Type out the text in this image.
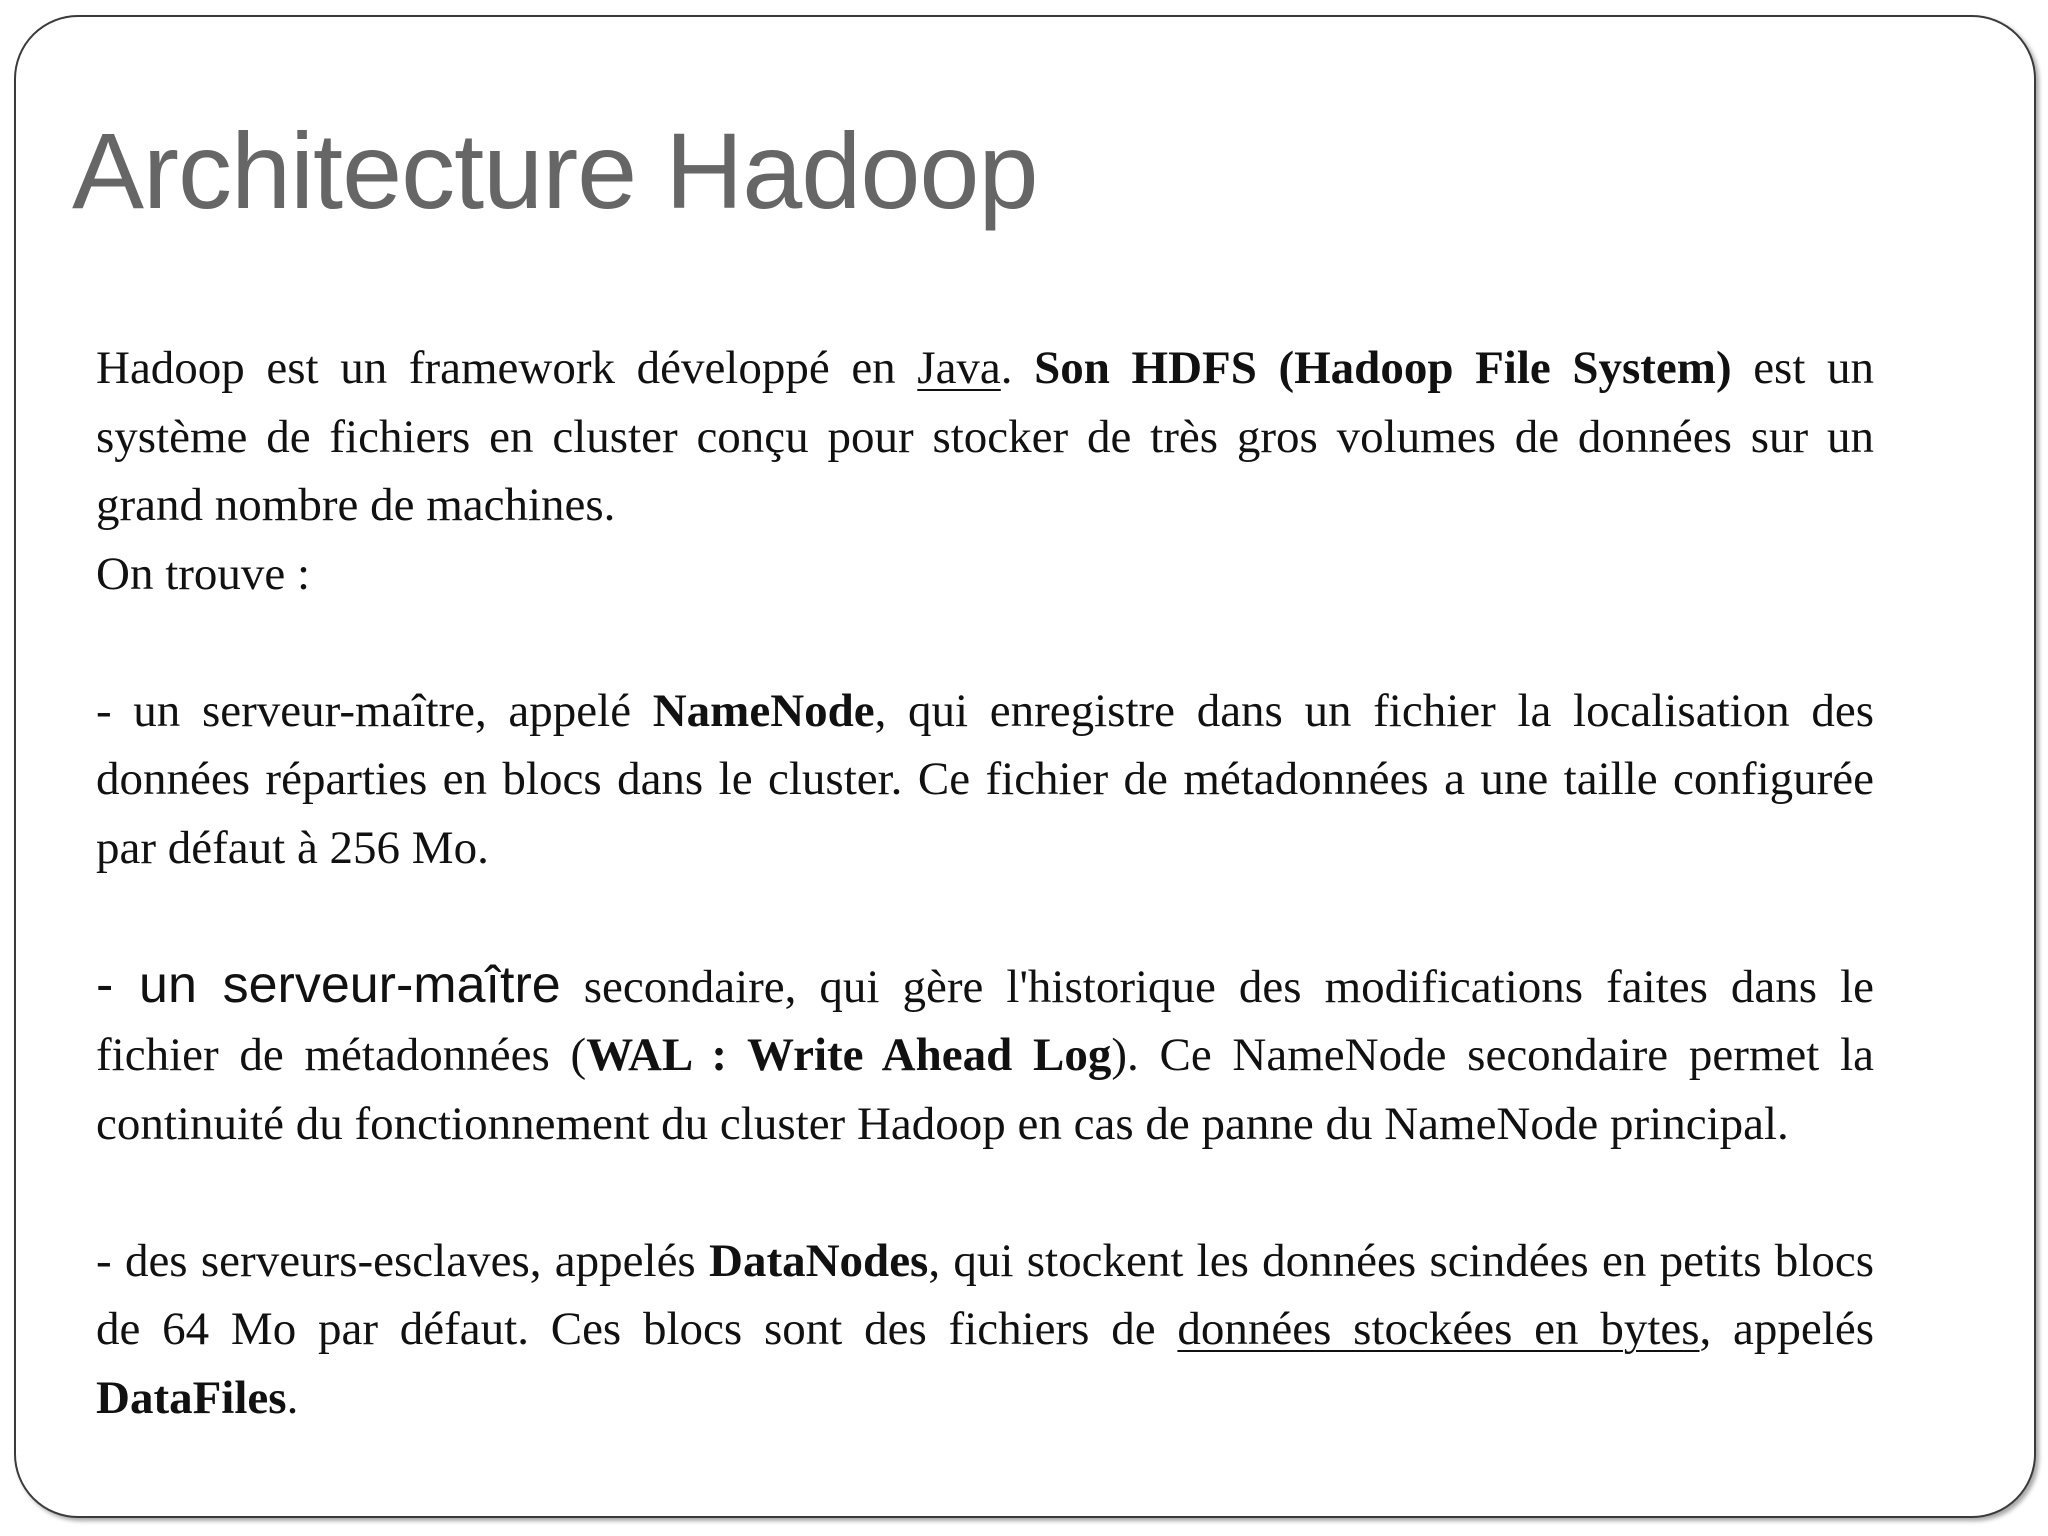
Architecture Hadoop

Hadoop est un framework développé en Java. Son HDFS (Hadoop File System) est un système de fichiers en cluster conçu pour stocker de très gros volumes de données sur un grand nombre de machines.

On trouve :

- un serveur-maître, appelé NameNode, qui enregistre dans un fichier la localisation des données réparties en blocs dans le cluster. Ce fichier de métadonnées a une taille configurée par défaut à 256 Mo.

- un serveur-maître secondaire, qui gère l'historique des modifications faites dans le fichier de métadonnées (WAL : Write Ahead Log). Ce NameNode secondaire permet la continuité du fonctionnement du cluster Hadoop en cas de panne du NameNode principal.

- des serveurs-esclaves, appelés DataNodes, qui stockent les données scindées en petits blocs de 64 Mo par défaut. Ces blocs sont des fichiers de données stockées en bytes, appelés DataFiles.
